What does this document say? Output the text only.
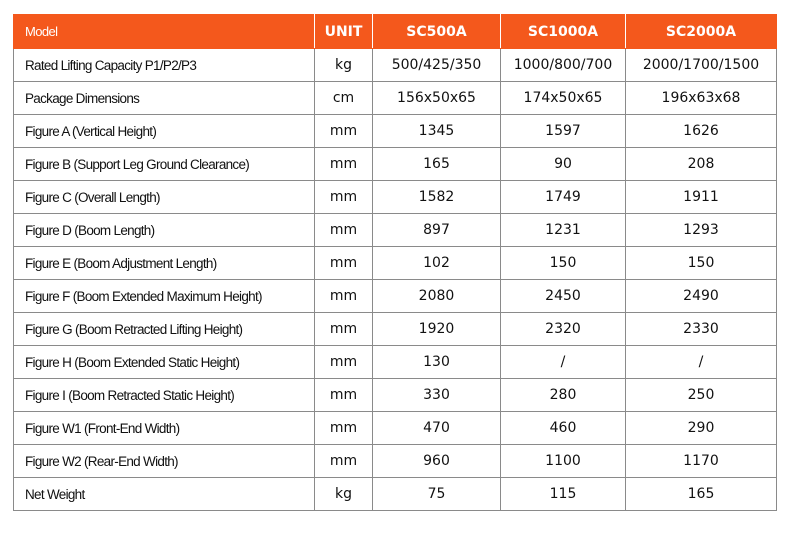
Model	UNIT	SC500A	SC1000A	SC2000A
Rated Lifting Capacity P1/P2/P3	kg	500/425/350	1000/800/700	2000/1700/1500
Package Dimensions	cm	156x50x65	174x50x65	196x63x68
Figure A (Vertical Height)	mm	1345	1597	1626
Figure B (Support Leg Ground Clearance)	mm	165	90	208
Figure C (Overall Length)	mm	1582	1749	1911
Figure D (Boom Length)	mm	897	1231	1293
Figure E (Boom Adjustment Length)	mm	102	150	150
Figure F (Boom Extended Maximum Height)	mm	2080	2450	2490
Figure G (Boom Retracted Lifting Height)	mm	1920	2320	2330
Figure H (Boom Extended Static Height)	mm	130	/	/
Figure I (Boom Retracted Static Height)	mm	330	280	250
Figure W1 (Front-End Width)	mm	470	460	290
Figure W2 (Rear-End Width)	mm	960	1100	1170
Net Weight	kg	75	115	165
